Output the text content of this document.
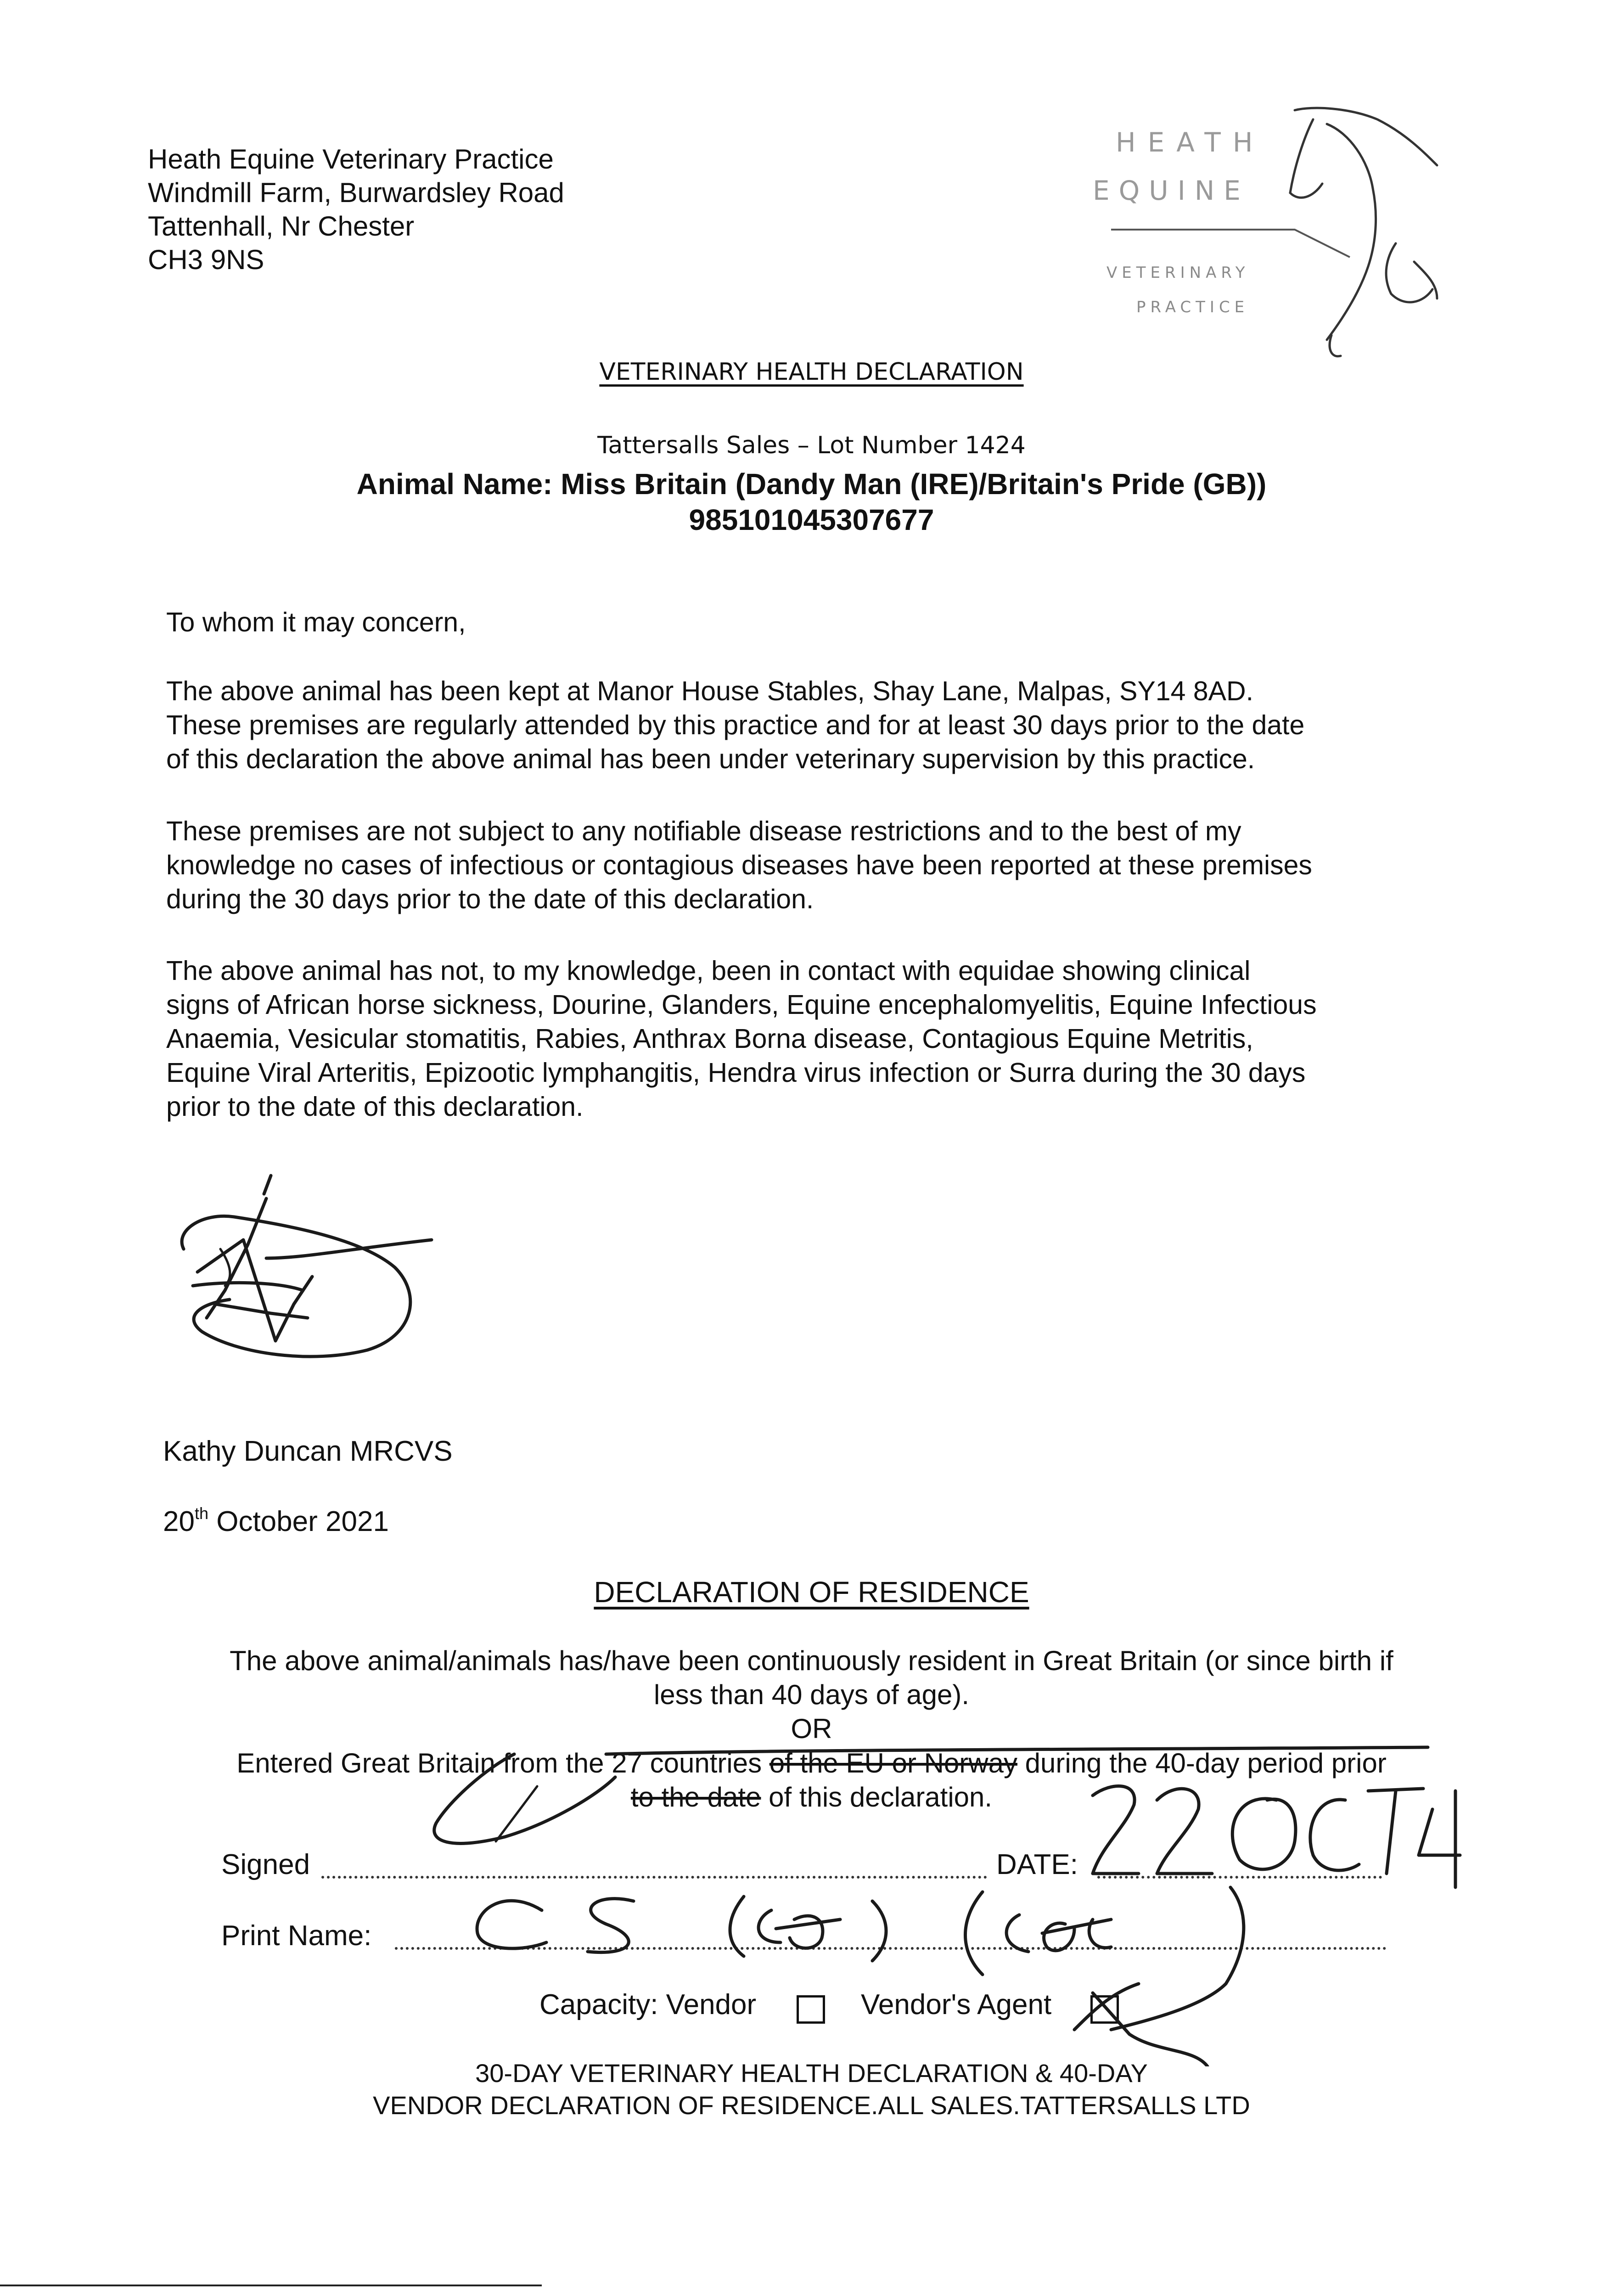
Heath Equine Veterinary Practice
Windmill Farm, Burwardsley Road
Tattenhall, Nr Chester
CH3 9NS
HEATH
EQUINE
VETERINARY
PRACTICE
VETERINARY HEALTH DECLARATION
Tattersalls Sales – Lot Number 1424
Animal Name: Miss Britain (Dandy Man (IRE)/Britain's Pride (GB))
985101045307677
To whom it may concern,
The above animal has been kept at Manor House Stables, Shay Lane, Malpas, SY14 8AD.
These premises are regularly attended by this practice and for at least 30 days prior to the date
of this declaration the above animal has been under veterinary supervision by this practice.
These premises are not subject to any notifiable disease restrictions and to the best of my
knowledge no cases of infectious or contagious diseases have been reported at these premises
during the 30 days prior to the date of this declaration.
The above animal has not, to my knowledge, been in contact with equidae showing clinical
signs of African horse sickness, Dourine, Glanders, Equine encephalomyelitis, Equine Infectious
Anaemia, Vesicular stomatitis, Rabies, Anthrax Borna disease, Contagious Equine Metritis,
Equine Viral Arteritis, Epizootic lymphangitis, Hendra virus infection or Surra during the 30 days
prior to the date of this declaration.
Kathy Duncan MRCVS
20th October 2021
DECLARATION OF RESIDENCE
The above animal/animals has/have been continuously resident in Great Britain (or since birth if
less than 40 days of age).
OR
Entered Great Britain from the 27 countries of the EU or Norway during the 40-day period prior
to the date of this declaration.
Signed	DATE:
Print Name:
Capacity: Vendor	Vendor's Agent
30-DAY VETERINARY HEALTH DECLARATION & 40-DAY
VENDOR DECLARATION OF RESIDENCE.ALL SALES.TATTERSALLS LTD
